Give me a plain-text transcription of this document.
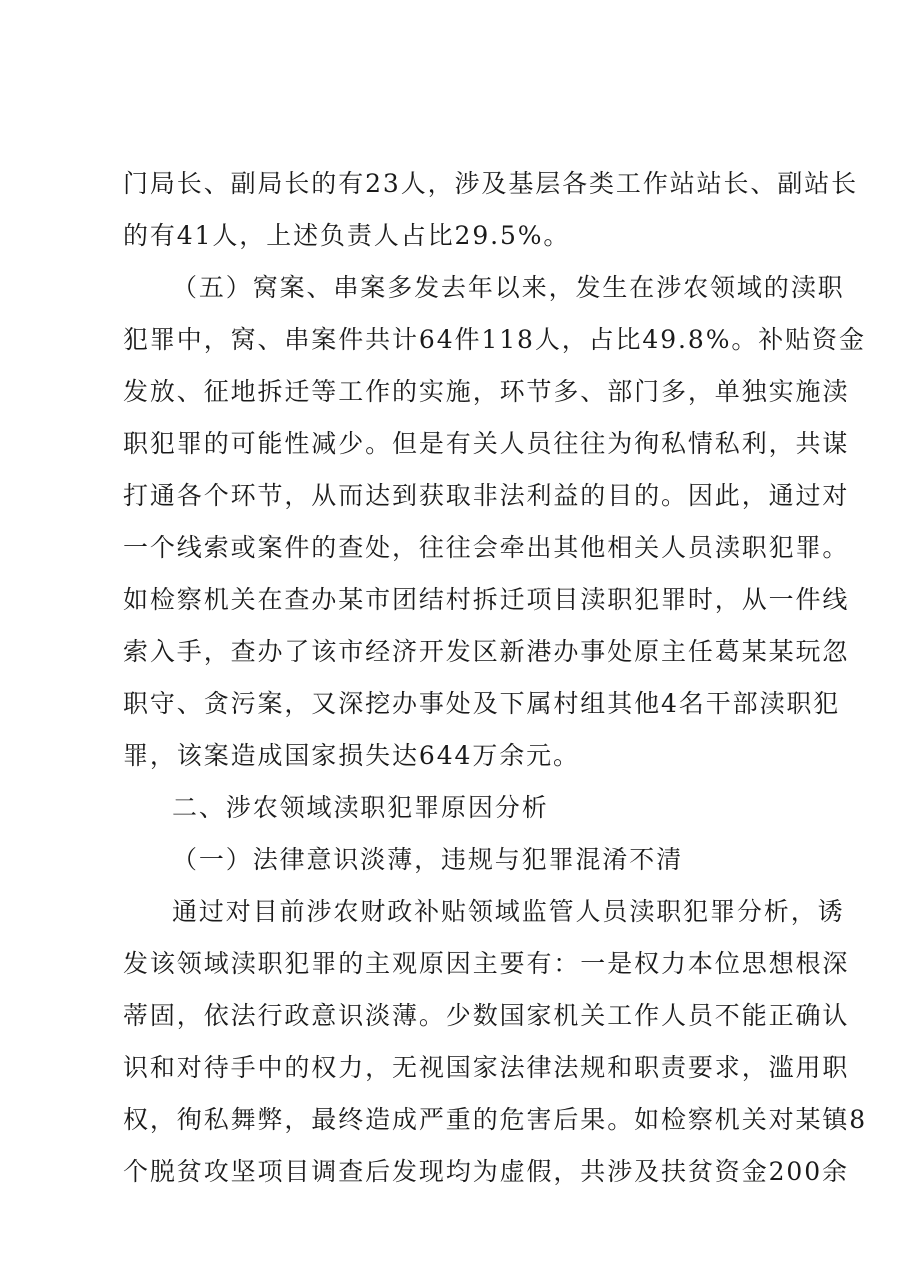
门局长、副局长的有23人，涉及基层各类工作站站长、副站长
的有41人，上述负责人占比29.5%。
（五）窝案、串案多发去年以来，发生在涉农领域的渎职
犯罪中，窝、串案件共计64件118人，占比49.8%。补贴资金
发放、征地拆迁等工作的实施，环节多、部门多，单独实施渎
职犯罪的可能性减少。但是有关人员往往为徇私情私利，共谋
打通各个环节，从而达到获取非法利益的目的。因此，通过对
一个线索或案件的查处，往往会牵出其他相关人员渎职犯罪。
如检察机关在查办某市团结村拆迁项目渎职犯罪时，从一件线
索入手，查办了该市经济开发区新港办事处原主任葛某某玩忽
职守、贪污案，又深挖办事处及下属村组其他4名干部渎职犯
罪，该案造成国家损失达644万余元。
二、涉农领域渎职犯罪原因分析
（一）法律意识淡薄，违规与犯罪混淆不清
通过对目前涉农财政补贴领域监管人员渎职犯罪分析，诱
发该领域渎职犯罪的主观原因主要有：一是权力本位思想根深
蒂固，依法行政意识淡薄。少数国家机关工作人员不能正确认
识和对待手中的权力，无视国家法律法规和职责要求，滥用职
权，徇私舞弊，最终造成严重的危害后果。如检察机关对某镇8
个脱贫攻坚项目调查后发现均为虚假，共涉及扶贫资金200余
